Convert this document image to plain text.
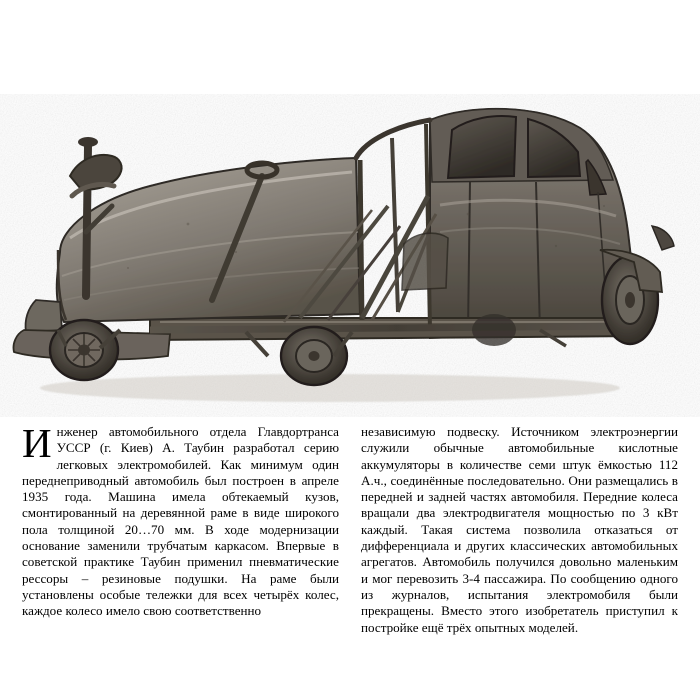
Инженер автомобильного отдела Главдортранса УССР (г. Киев) А. Таубин разработал серию легковых электромобилей. Как минимум один переднеприводный автомобиль был построен в апреле 1935 года. Машина имела обтекаемый кузов, смонтированный на деревянной раме в виде широкого пола толщиной 20…70 мм. В ходе модернизации основание заменили трубчатым каркасом. Впервые в советской практике Таубин применил пневматические рессоры – резиновые подушки. На раме были установлены особые тележки для всех четырёх колес, каждое колесо имело свою соответственно

независимую подвеску. Источником электроэнергии служили обычные автомобильные кислотные аккумуляторы в количестве семи штук ёмкостью 112 А.ч., соединённые последовательно. Они размещались в передней и задней частях автомобиля. Передние колеса вращали два электродвигателя мощностью по 3 кВт каждый. Такая система позволила отказаться от дифференциала и других классических автомобильных агрегатов. Автомобиль получился довольно маленьким и мог перевозить 3-4 пассажира. По сообщению одного из журналов, испытания электромобиля были прекращены. Вместо этого изобретатель приступил к постройке ещё трёх опытных моделей.
